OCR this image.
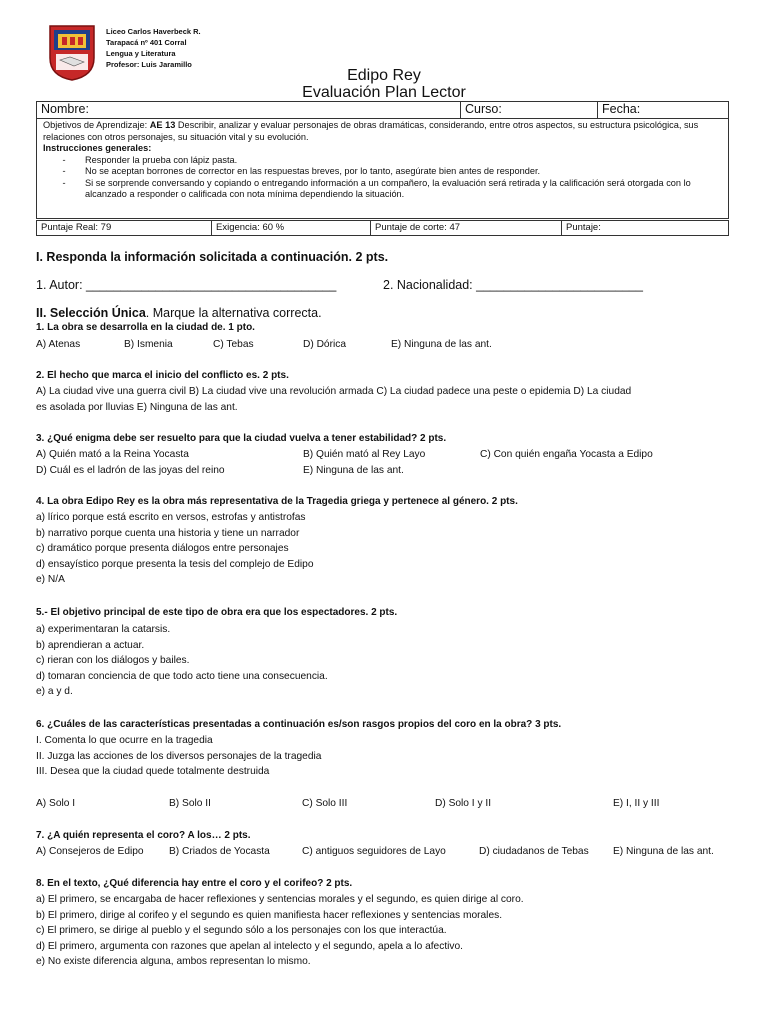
Liceo Carlos Haverbeck R.
Tarapacá nº 401 Corral
Lengua y Literatura
Profesor: Luis Jaramillo
Edipo Rey
Evaluación Plan Lector
Nombre:	Curso:	Fecha:

Objetivos de Aprendizaje: AE 13 Describir, analizar y evaluar personajes de obras dramáticas, considerando, entre otros aspectos, su estructura psicológica, sus relaciones con otros personajes, su situación vital y su evolución.
Instrucciones generales:
-	Responder la prueba con lápiz pasta.
-	No se aceptan borrones de corrector en las respuestas breves, por lo tanto, asegúrate bien antes de responder.
-	Si se sorprende conversando y copiando o entregando información a un compañero, la evaluación será retirada y la calificación será otorgada con lo alcanzado a responder o calificada con nota mínima dependiendo la situación.
Puntaje Real: 79	Exigencia: 60 %	Puntaje de corte: 47	Puntaje:
I. Responda la información solicitada a continuación. 2 pts.
1. Autor: ____________________________________	2. Nacionalidad: ________________________
II. Selección Única. Marque la alternativa correcta.
1. La obra se desarrolla en la ciudad de. 1 pto.
A) Atenas	B) Ismenia	C) Tebas	D) Dórica	E) Ninguna de las ant.
2. El hecho que marca el inicio del conflicto es. 2 pts.
A) La ciudad vive una guerra civil B) La ciudad vive una revolución armada C) La ciudad padece una peste o epidemia D) La ciudad
es asolada por lluvias E) Ninguna de las ant.
3. ¿Qué enigma debe ser resuelto para que la ciudad vuelva a tener estabilidad? 2 pts.
A) Quién mató a la Reina Yocasta	B) Quién mató al Rey Layo	C) Con quién engaña Yocasta a Edipo
D) Cuál es el ladrón de las joyas del reino	E) Ninguna de las ant.
4. La obra Edipo Rey es la obra más representativa de la Tragedia griega y pertenece al género. 2 pts.
a) lírico porque está escrito en versos, estrofas y antistrofas
b) narrativo porque cuenta una historia y tiene un narrador
c) dramático porque presenta diálogos entre personajes
d) ensayístico porque presenta la tesis del complejo de Edipo
e) N/A
5.- El objetivo principal de este tipo de obra era que los espectadores. 2 pts.
a) experimentaran la catarsis.
b) aprendieran a actuar.
c) rieran con los diálogos y bailes.
d) tomaran conciencia de que todo acto tiene una consecuencia.
e) a y d.
6. ¿Cuáles de las características presentadas a continuación es/son rasgos propios del coro en la obra? 3 pts.
I. Comenta lo que ocurre en la tragedia
II. Juzga las acciones de los diversos personajes de la tragedia
III. Desea que la ciudad quede totalmente destruida
A) Solo I	B) Solo II	C) Solo III	D) Solo I y II	E) I, II y III
7. ¿A quién representa el coro? A los… 2 pts.
A) Consejeros de Edipo B) Criados de Yocasta	C) antiguos seguidores de Layo	D) ciudadanos de Tebas E) Ninguna de las ant.
8. En el texto, ¿Qué diferencia hay entre el coro y el corifeo? 2 pts.
a) El primero, se encargaba de hacer reflexiones y sentencias morales y el segundo, es quien dirige al coro.
b) El primero, dirige al corifeo y el segundo es quien manifiesta hacer reflexiones y sentencias morales.
c) El primero, se dirige al pueblo y el segundo sólo a los personajes con los que interactúa.
d) El primero, argumenta con razones que apelan al intelecto y el segundo, apela a lo afectivo.
e) No existe diferencia alguna, ambos representan lo mismo.
